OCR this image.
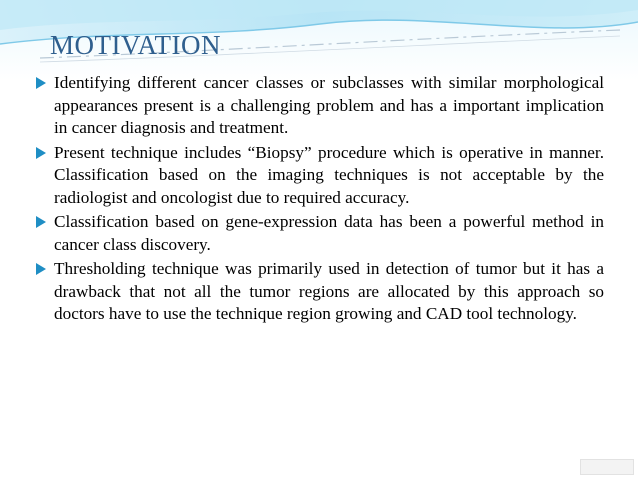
MOTIVATION
Identifying different cancer classes or subclasses with similar morphological appearances present is a challenging problem and has a important implication in cancer diagnosis and treatment.
Present technique includes “Biopsy” procedure which is operative in manner. Classification based on the imaging techniques is not acceptable by the radiologist and oncologist due to required accuracy.
Classification based on gene-expression data has been a powerful method in cancer class discovery.
Thresholding technique was primarily used in detection of tumor but it has a drawback that not all the tumor regions are allocated by this approach so doctors have to use the technique region growing and CAD tool technology.
